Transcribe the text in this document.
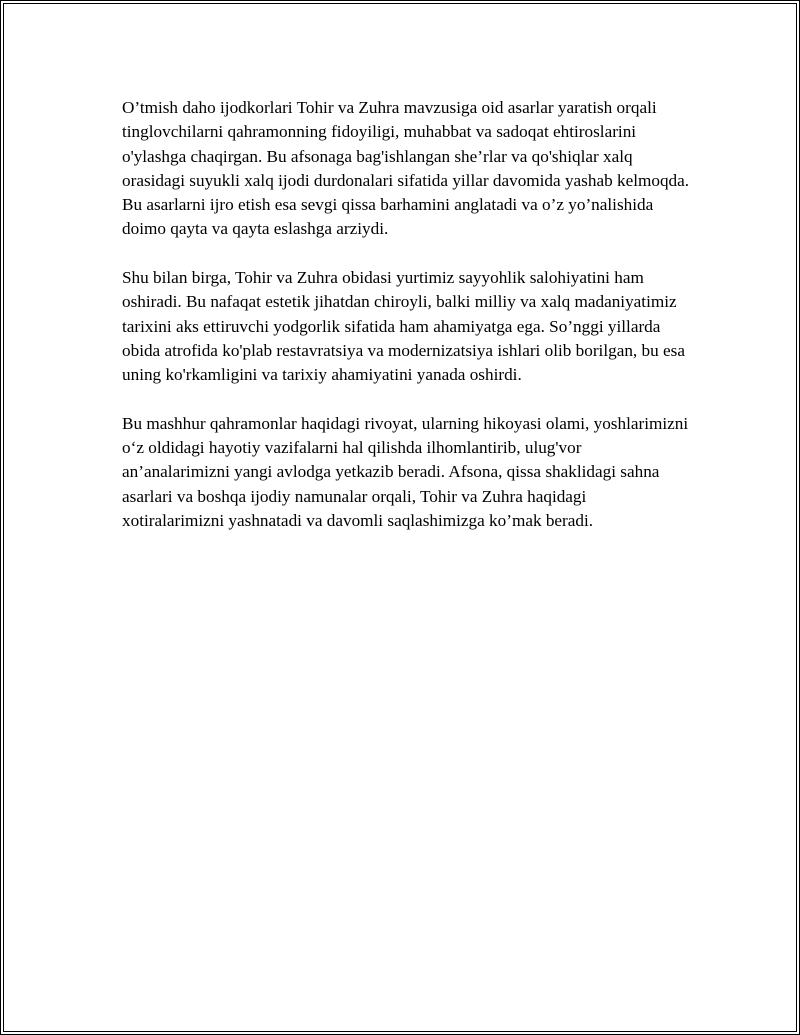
O’tmish daho ijodkorlari Tohir va Zuhra mavzusiga oid asarlar yaratish orqali tinglovchilarni qahramonning fidoyiligi, muhabbat va sadoqat ehtiroslarini o'ylashga chaqirgan. Bu afsonaga bag'ishlangan she’rlar va qo'shiqlar xalq orasidagi suyukli xalq ijodi durdonalari sifatida yillar davomida yashab kelmoqda. Bu asarlarni ijro etish esa sevgi qissa barhamini anglatadi va o’z yo’nalishida doimo qayta va qayta eslashga arziydi.

Shu bilan birga, Tohir va Zuhra obidasi yurtimiz sayyohlik salohiyatini ham oshiradi. Bu nafaqat estetik jihatdan chiroyli, balki milliy va xalq madaniyatimiz tarixini aks ettiruvchi yodgorlik sifatida ham ahamiyatga ega. So’nggi yillarda obida atrofida ko'plab restavratsiya va modernizatsiya ishlari olib borilgan, bu esa uning ko'rkamligini va tarixiy ahamiyatini yanada oshirdi.

Bu mashhur qahramonlar haqidagi rivoyat, ularning hikoyasi olami, yoshlarimizni o‘z oldidagi hayotiy vazifalarni hal qilishda ilhomlantirib, ulug'vor an’analarimizni yangi avlodga yetkazib beradi. Afsona, qissa shaklidagi sahna asarlari va boshqa ijodiy namunalar orqali, Tohir va Zuhra haqidagi xotiralarimizni yashnatadi va davomli saqlashimizga ko’mak beradi.
